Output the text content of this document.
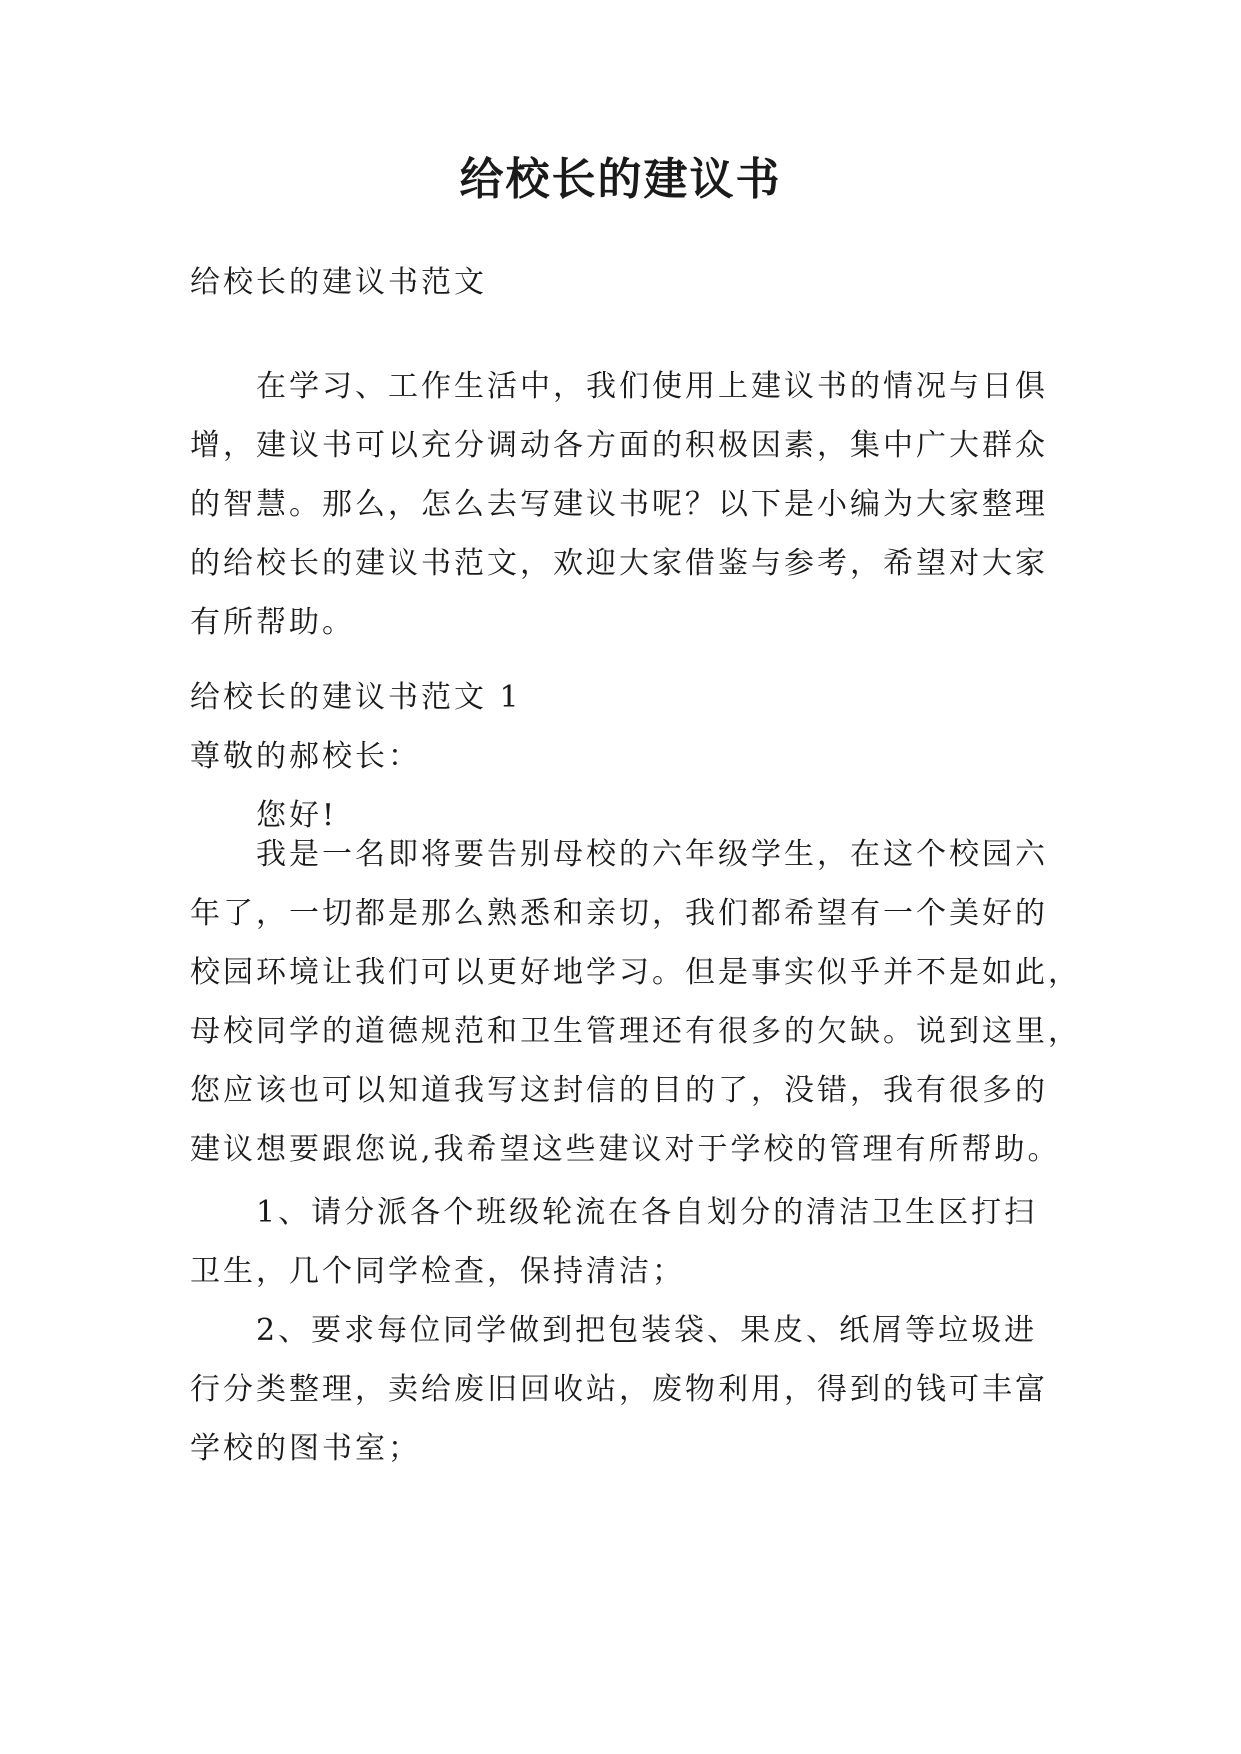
给校长的建议书

给校长的建议书范文

在学习、工作生活中，我们使用上建议书的情况与日俱
增，建议书可以充分调动各方面的积极因素，集中广大群众
的智慧。那么，怎么去写建议书呢？以下是小编为大家整理
的给校长的建议书范文，欢迎大家借鉴与参考，希望对大家
有所帮助。

给校长的建议书范文 1

尊敬的郝校长：

您好!

我是一名即将要告别母校的六年级学生，在这个校园六
年了，一切都是那么熟悉和亲切，我们都希望有一个美好的
校园环境让我们可以更好地学习。但是事实似乎并不是如此，
母校同学的道德规范和卫生管理还有很多的欠缺。说到这里，
您应该也可以知道我写这封信的目的了，没错，我有很多的
建议想要跟您说,我希望这些建议对于学校的管理有所帮助。

1、请分派各个班级轮流在各自划分的清洁卫生区打扫
卫生，几个同学检查，保持清洁；

2、要求每位同学做到把包装袋、果皮、纸屑等垃圾进
行分类整理，卖给废旧回收站，废物利用，得到的钱可丰富
学校的图书室；
